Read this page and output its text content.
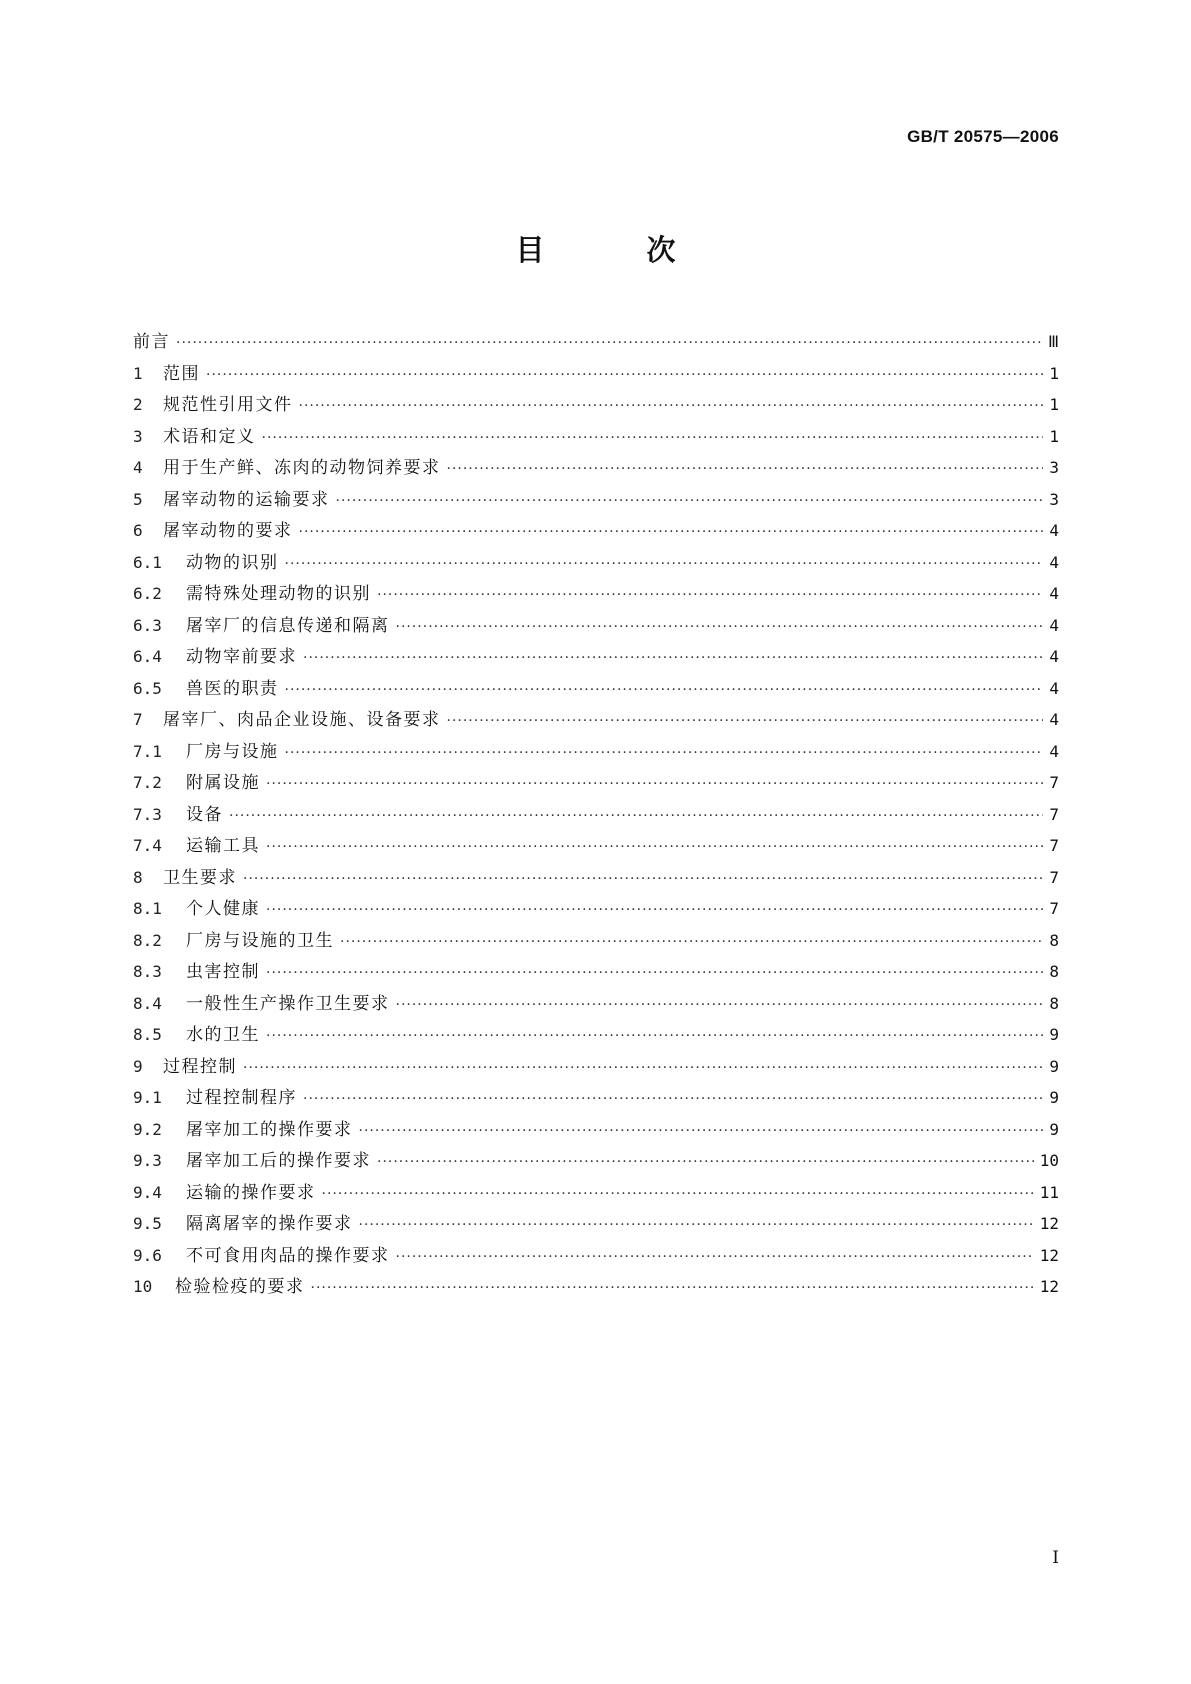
GB/T 20575—2006
目 次
前言 ·····	Ⅲ
1	范围 ·····	1
2	规范性引用文件 ·····	1
3	术语和定义 ·····	1
4	用于生产鲜、冻肉的动物饲养要求 ·····	3
5	屠宰动物的运输要求 ·····	3
6	屠宰动物的要求 ·····	4
6.1	动物的识别 ·····	4
6.2	需特殊处理动物的识别 ·····	4
6.3	屠宰厂的信息传递和隔离 ·····	4
6.4	动物宰前要求 ·····	4
6.5	兽医的职责 ·····	4
7	屠宰厂、肉品企业设施、设备要求 ·····	4
7.1	厂房与设施 ·····	4
7.2	附属设施 ·····	7
7.3	设备 ·····	7
7.4	运输工具 ·····	7
8	卫生要求 ·····	7
8.1	个人健康 ·····	7
8.2	厂房与设施的卫生 ·····	8
8.3	虫害控制 ·····	8
8.4	一般性生产操作卫生要求 ·····	8
8.5	水的卫生 ·····	9
9	过程控制 ·····	9
9.1	过程控制程序 ·····	9
9.2	屠宰加工的操作要求 ·····	9
9.3	屠宰加工后的操作要求 ·····	10
9.4	运输的操作要求 ·····	11
9.5	隔离屠宰的操作要求 ·····	12
9.6	不可食用肉品的操作要求 ·····	12
10	检验检疫的要求 ·····	12
I
